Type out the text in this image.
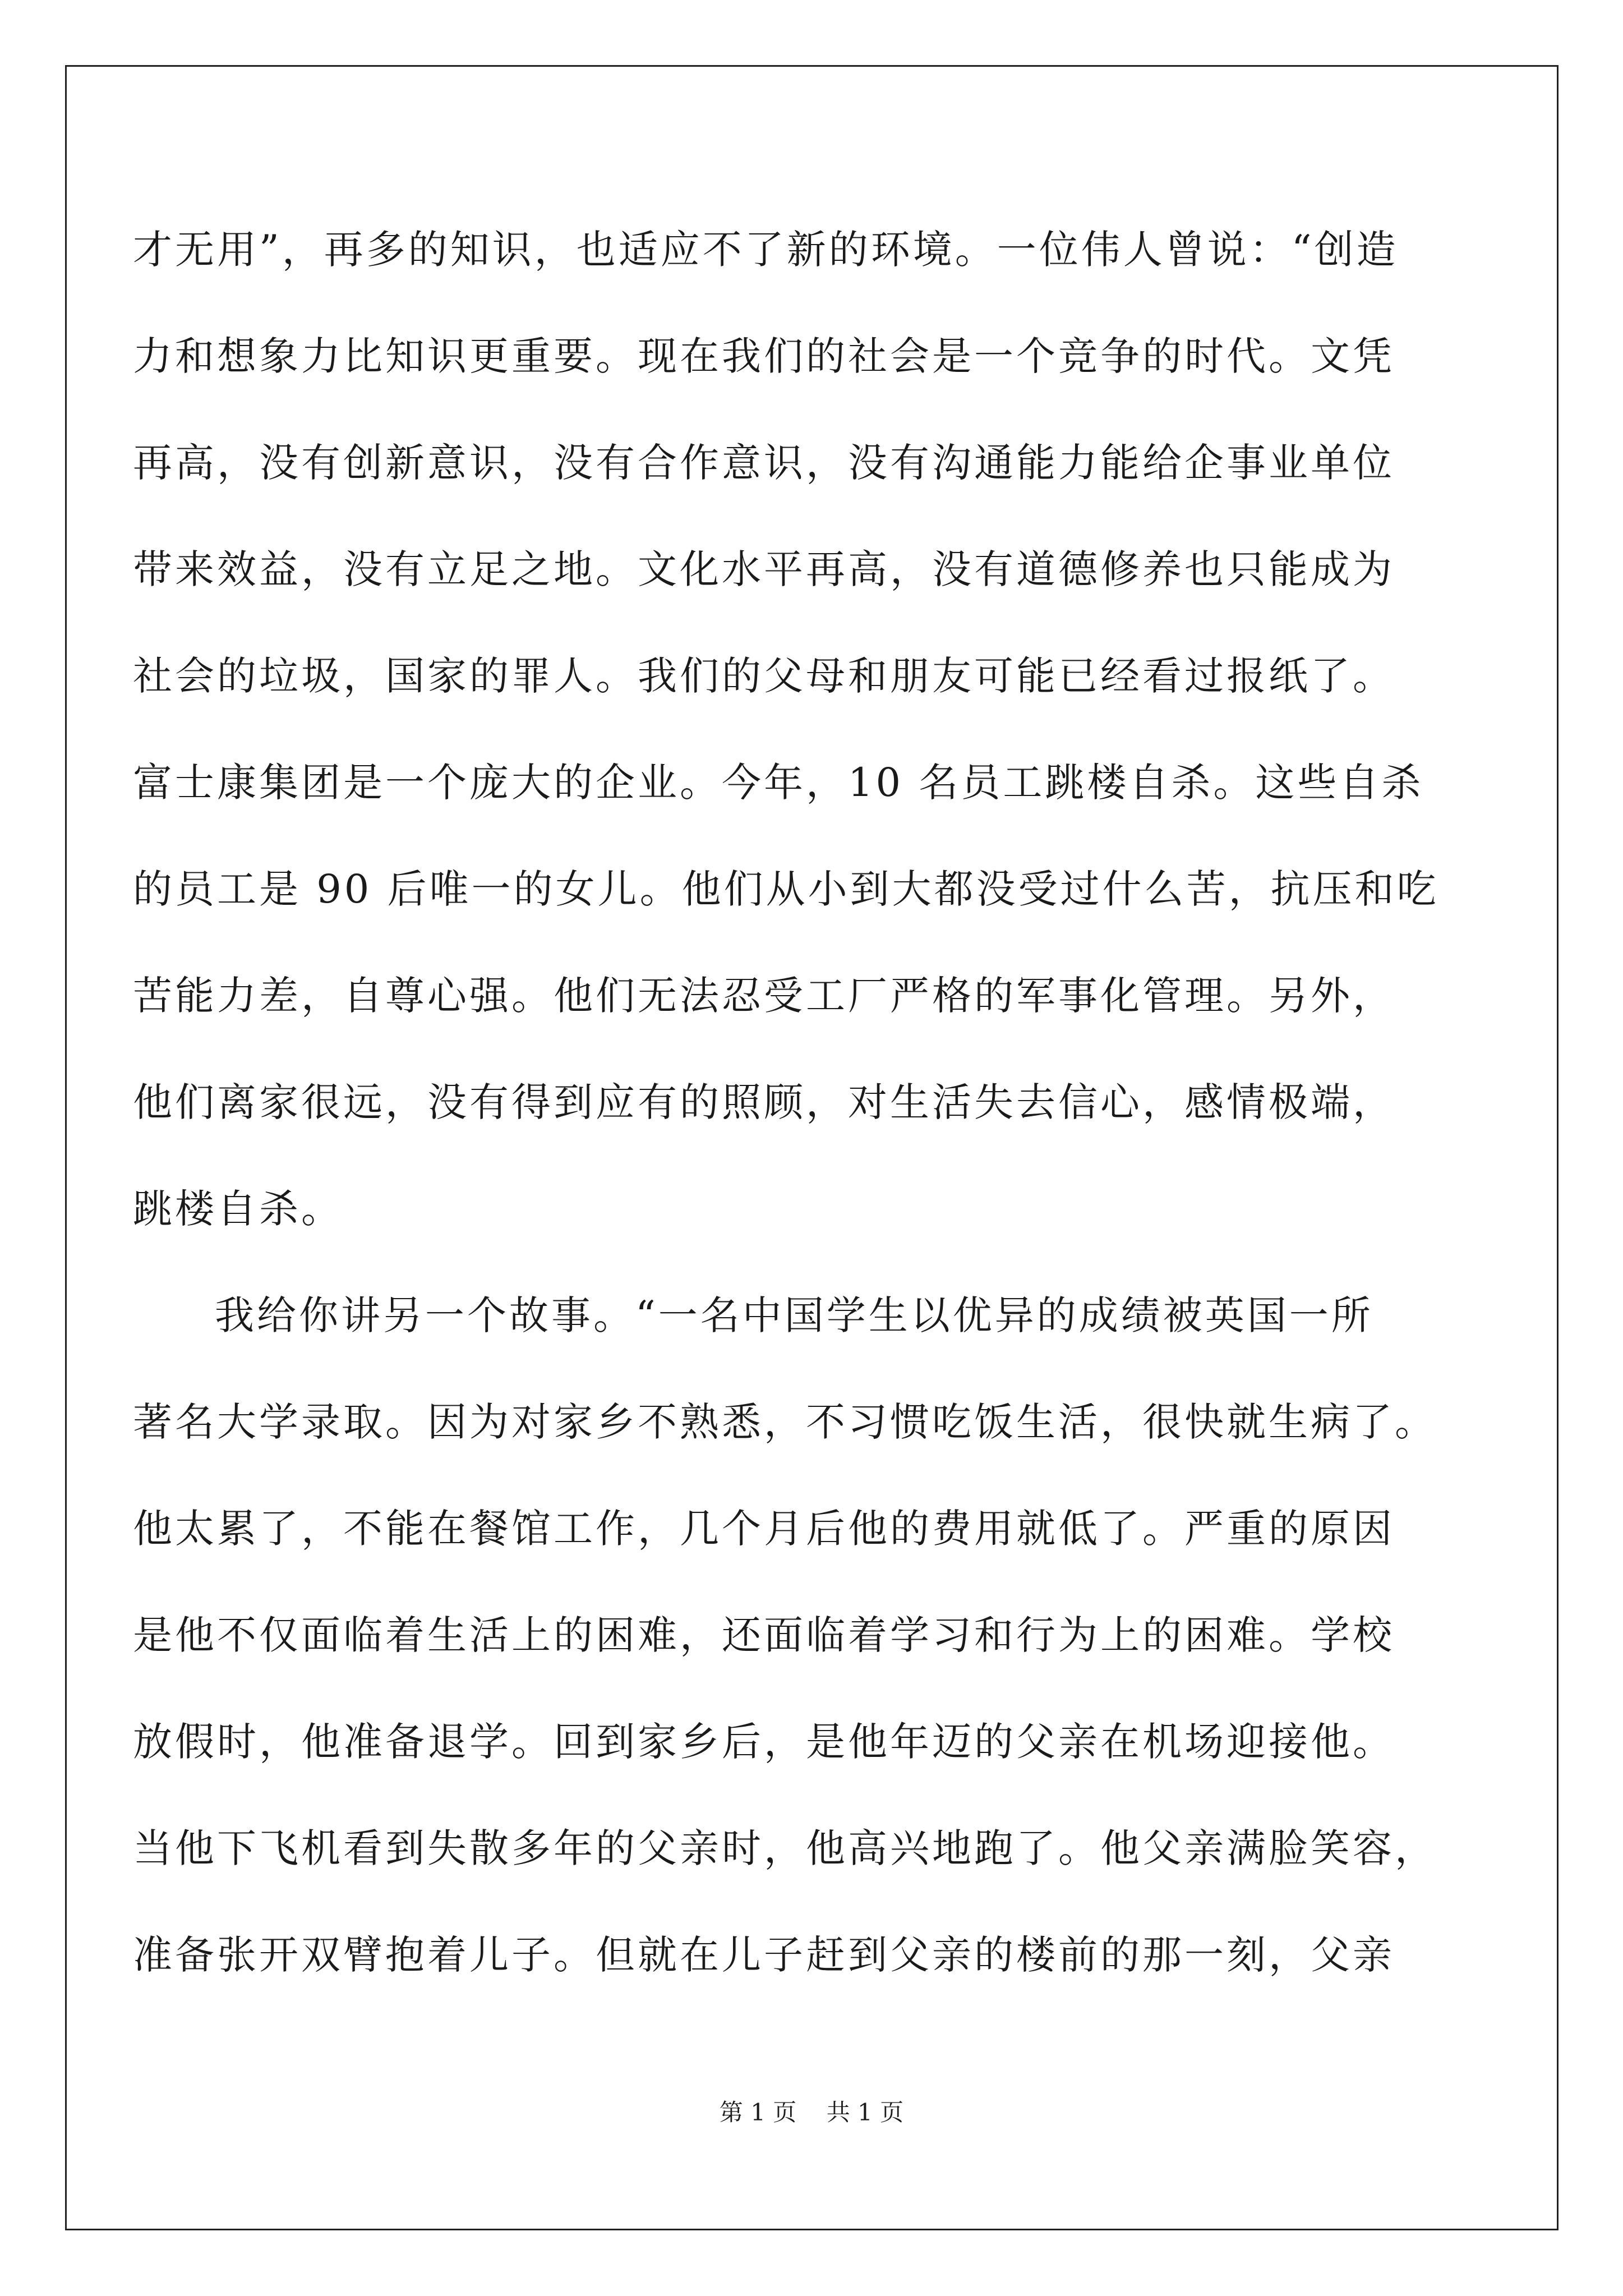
才无用”，再多的知识，也适应不了新的环境。一位伟人曾说：“创造
力和想象力比知识更重要。现在我们的社会是一个竞争的时代。文凭
再高，没有创新意识，没有合作意识，没有沟通能力能给企事业单位
带来效益，没有立足之地。文化水平再高，没有道德修养也只能成为
社会的垃圾，国家的罪人。我们的父母和朋友可能已经看过报纸了。
富士康集团是一个庞大的企业。今年，10 名员工跳楼自杀。这些自杀
的员工是 90 后唯一的女儿。他们从小到大都没受过什么苦，抗压和吃
苦能力差，自尊心强。他们无法忍受工厂严格的军事化管理。另外，
他们离家很远，没有得到应有的照顾，对生活失去信心，感情极端，
跳楼自杀。
我给你讲另一个故事。“一名中国学生以优异的成绩被英国一所
著名大学录取。因为对家乡不熟悉，不习惯吃饭生活，很快就生病了。
他太累了，不能在餐馆工作，几个月后他的费用就低了。严重的原因
是他不仅面临着生活上的困难，还面临着学习和行为上的困难。学校
放假时，他准备退学。回到家乡后，是他年迈的父亲在机场迎接他。
当他下飞机看到失散多年的父亲时，他高兴地跑了。他父亲满脸笑容，
准备张开双臂抱着儿子。但就在儿子赶到父亲的楼前的那一刻，父亲
第 1 页 共 1 页
